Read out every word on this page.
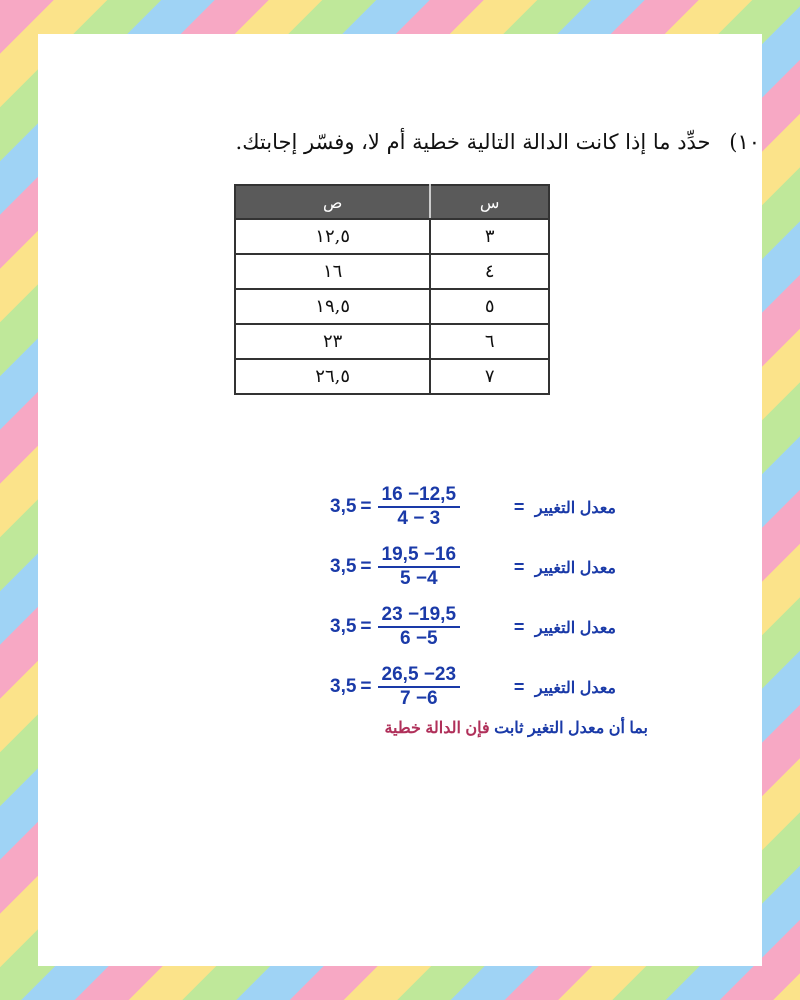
١٠) حدِّد ما إذا كانت الدالة التالية خطية أم لا، وفسّر إجابتك.
س	ص
٣	١٢,٥
٤	١٦
٥	١٩,٥
٦	٢٣
٧	٢٦,٥
$3,5 = \frac{16 -12,5}{4 - 3}$	معدل التغيير =
$3,5 = \frac{19,5 -16}{5 -4}$	معدل التغيير =
$3,5 = \frac{23 -19,5}{6 -5}$	معدل التغيير =
$3,5 = \frac{26,5 -23}{7 -6}$	معدل التغيير =
بما أن معدل التغير ثابت فإن الدالة خطية
